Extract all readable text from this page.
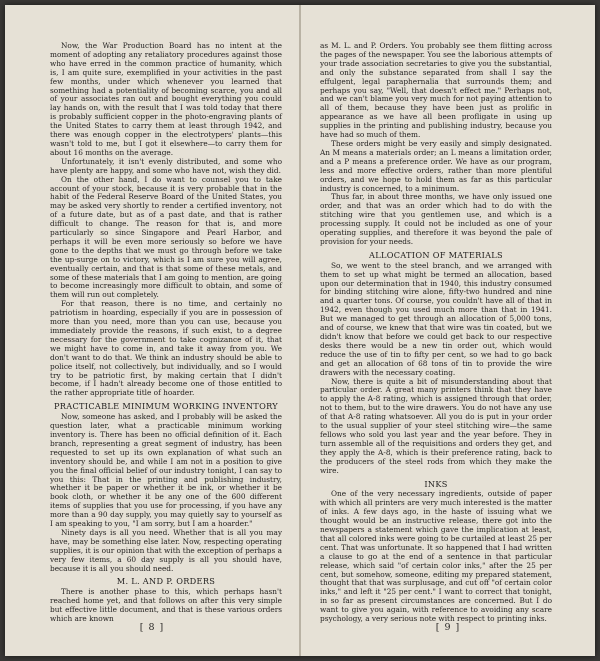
Now, the War Production Board has no intent at the moment of adopting any retaliatory procedures against those who have erred in the common practice of humanity, which is, I am quite sure, exemplified in your activities in the past few months, under which whenever you learned that something had a potentiality of becoming scarce, you and all of your associates ran out and bought everything you could lay hands on, with the result that I was told today that there is probably sufficient copper in the photo-engraving plants of the United States to carry them at least through 1942, and there was enough copper in the electrotypers' plants—this wasn't told to me, but I got it elsewhere—to carry them for about 16 months on the average.

Unfortunately, it isn't evenly distributed, and some who have plenty are happy, and some who have not, wish they did.

On the other hand, I do want to counsel you to take account of your stock, because it is very probable that in the habit of the Federal Reserve Board of the United States, you may be asked very shortly to render a certified inventory, not of a future date, but as of a past date, and that is rather difficult to change. The reason for that is, and more particularly so since Singapore and Pearl Harbor, and perhaps it will be even more seriously so before we have gone to the depths that we must go through before we take the up-surge on to victory, which is I am sure you will agree, eventually certain, and that is that some of these metals, and some of these materials that I am going to mention, are going to become increasingly more difficult to obtain, and some of them will run out completely.

For that reason, there is no time, and certainly no patriotism in hoarding, especially if you are in possession of more than you need, more than you can use, because you immediately provide the reasons, if such exist, to a degree necessary for the government to take cognizance of it, that we might have to come in, and take it away from you. We don't want to do that. We think an industry should be able to police itself, not collectively, but individually, and so I would try to be patriotic first, by making certain that I didn't become, if I hadn't already become one of those entitled to the rather appropriate title of hoarder.

PRACTICABLE MINIMUM WORKING INVENTORY

Now, someone has asked, and I probably will be asked the question later, what a practicable minimum working inventory is. There has been no official definition of it. Each branch, representing a great segment of industry, has been requested to set up its own explanation of what such an inventory should be, and while I am not in a position to give you the final official belief of our industry tonight, I can say to you this: That in the printing and publishing industry, whether it be paper or whether it be ink, or whether it be book cloth, or whether it be any one of the 600 different items of supplies that you use for processing, if you have any more than a 90 day supply, you may quietly say to yourself as I am speaking to you, "I am sorry, but I am a hoarder."

Ninety days is all you need. Whether that is all you may have, may be something else later. Now, respecting operating supplies, it is our opinion that with the exception of perhaps a very few items, a 60 day supply is all you should have, because it is all you should need.

M. L. AND P. ORDERS

There is another phase to this, which perhaps hasn't reached home yet, and that follows on after this very simple but effective little document, and that is these various orders which are known

[ 8 ]

as M. L. and P. Orders. You probably see them flitting across the pages of the newspaper. You see the laborious attempts of your trade association secretaries to give you the substantial, and only the substance separated from shall I say the effulgent, legal paraphernalia that surrounds them; and perhaps you say, "Well, that doesn't effect me." Perhaps not, and we can't blame you very much for not paying attention to all of them, because they have been just as prolific in appearance as we have all been profligate in using up supplies in the printing and publishing industry, because you have had so much of them.

These orders might be very easily and simply designated. An M means a materials order; an L means a limitation order, and a P means a preference order. We have as our program, less and more effective orders, rather than more plentiful orders, and we hope to hold them as far as this particular industry is concerned, to a minimum.

Thus far, in about three months, we have only issued one order, and that was an order which had to do with the stitching wire that you gentlemen use, and which is a processing supply. It could not be included as one of your operating supplies, and therefore it was beyond the pale of provision for your needs.

ALLOCATION OF MATERIALS

So, we went to the steel branch, and we arranged with them to set up what might be termed an allocation, based upon our determination that in 1940, this industry consumed for binding stitching wire alone, fifty-two hundred and nine and a quarter tons. Of course, you couldn't have all of that in 1942, even though you used much more than that in 1941. But we managed to get through an allocation of 5,000 tons, and of course, we knew that that wire was tin coated, but we didn't know that before we could get back to our respective desks there would be a new tin order out, which would reduce the use of tin to fifty per cent, so we had to go back and get an allocation of 68 tons of tin to provide the wire drawers with the necessary coating.

Now, there is quite a bit of misunderstanding about that particular order. A great many printers think that they have to apply the A-8 rating, which is assigned through that order, not to them, but to the wire drawers. You do not have any use of that A-8 rating whatsoever. All you do is put in your order to the usual supplier of your steel stitching wire—the same fellows who sold you last year and the year before. They in turn assemble all of the requisitions and orders they get, and they apply the A-8, which is their preference rating, back to the producers of the steel rods from which they make the wire.

INKS

One of the very necessary ingredients, outside of paper with which all printers are very much interested is the matter of inks. A few days ago, in the haste of issuing what we thought would be an instructive release, there got into the newspapers a statement which gave the implication at least, that all colored inks were going to be curtailed at least 25 per cent. That was unfortunate. It so happened that I had written a clause to go at the end of a sentence in that particular release, which said "of certain color inks," after the 25 per cent, but somehow, someone, editing my prepared statement, thought that that was surplusage, and cut off "of certain color inks," and left it "25 per cent." I want to correct that tonight, in so far as present circumstances are concerned. But I do want to give you again, with reference to avoiding any scare psychology, a very serious note with respect to printing inks.

[ 9 ]
